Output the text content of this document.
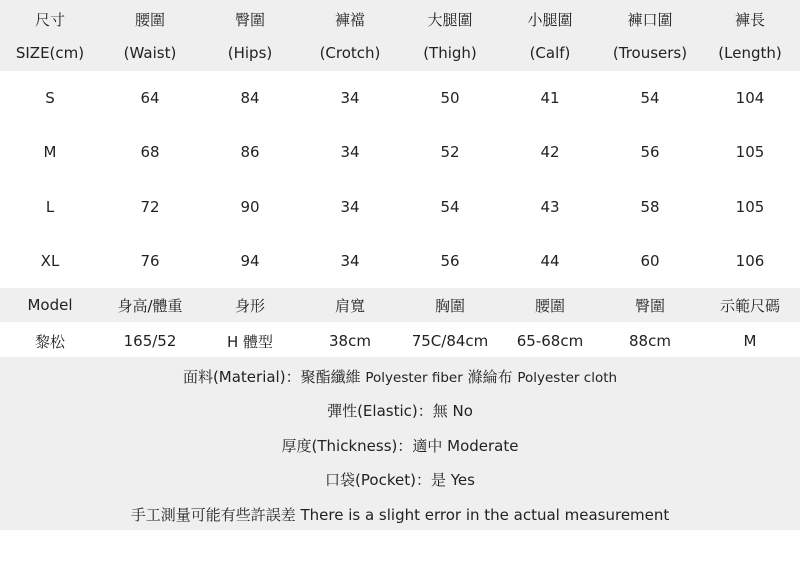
尺寸	腰圍	臀圍	褲襠	大腿圍	小腿圍	褲口圍	褲長
SIZE(cm)	(Waist)	(Hips)	(Crotch)	(Thigh)	(Calf)	(Trousers)	(Length)
S	64	84	34	50	41	54	104
M	68	86	34	52	42	56	105
L	72	90	34	54	43	58	105
XL	76	94	34	56	44	60	106
Model	身高/體重	身形	肩寬	胸圍	腰圍	臀圍	示範尺碼
黎松	165/52	H 體型	38cm	75C/84cm	65-68cm	88cm	M
面料(Material)：聚酯纖維 Polyester fiber 滌綸布 Polyester cloth
彈性(Elastic)：無 No
厚度(Thickness)：適中 Moderate
口袋(Pocket)：是 Yes
手工測量可能有些許誤差 There is a slight error in the actual measurement
